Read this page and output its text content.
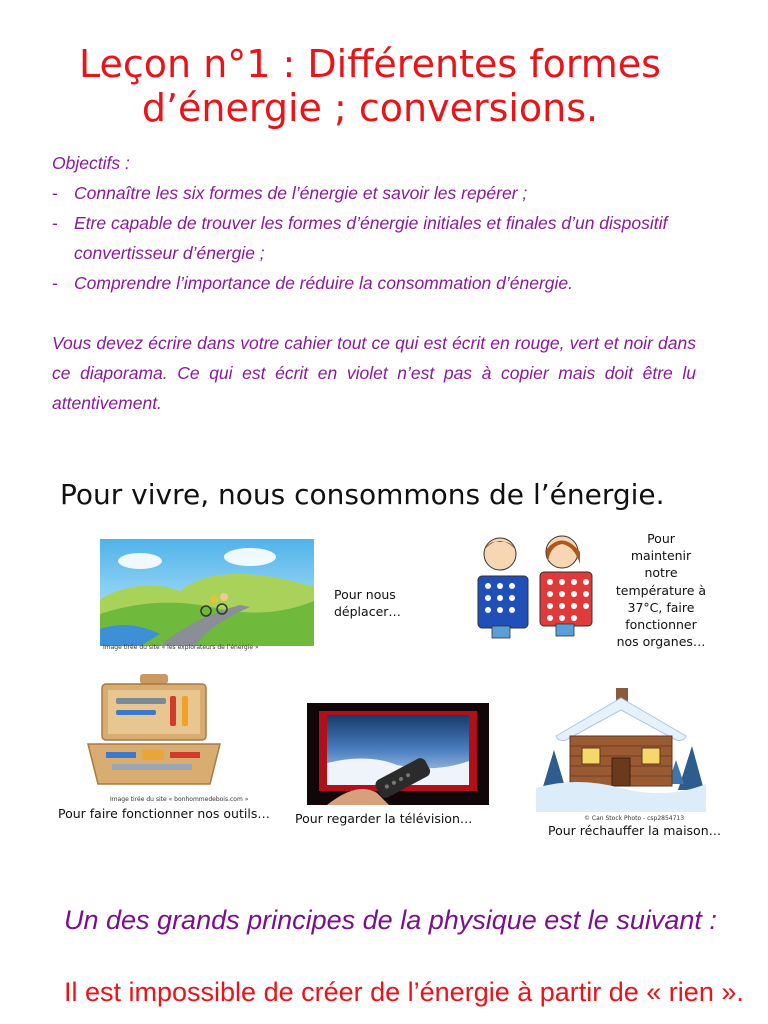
Leçon n°1 : Différentes formes
d’énergie ; conversions.
Objectifs :
- Connaître les six formes de l’énergie et savoir les repérer ;
- Etre capable de trouver les formes d’énergie initiales et finales d’un dispositif convertisseur d’énergie ;
- Comprendre l’importance de réduire la consommation d’énergie.
Vous devez écrire dans votre cahier tout ce qui est écrit en rouge, vert et noir dans ce diaporama. Ce qui est écrit en violet n’est pas à copier mais doit être lu attentivement.
Pour vivre, nous consommons de l’énergie.
Image tirée du site « les explorateurs de l’énergie »
Pour nous
déplacer…
Pour
maintenir
notre
température à
37°C, faire
fonctionner
nos organes…
Image tirée du site « bonhommedebois.com »
Pour faire fonctionner nos outils… Pour regarder la télévision…	© Can Stock Photo - csp2854713
Pour réchauffer la maison…
Un des grands principes de la physique est le suivant :
Il est impossible de créer de l’énergie à partir de « rien ».
